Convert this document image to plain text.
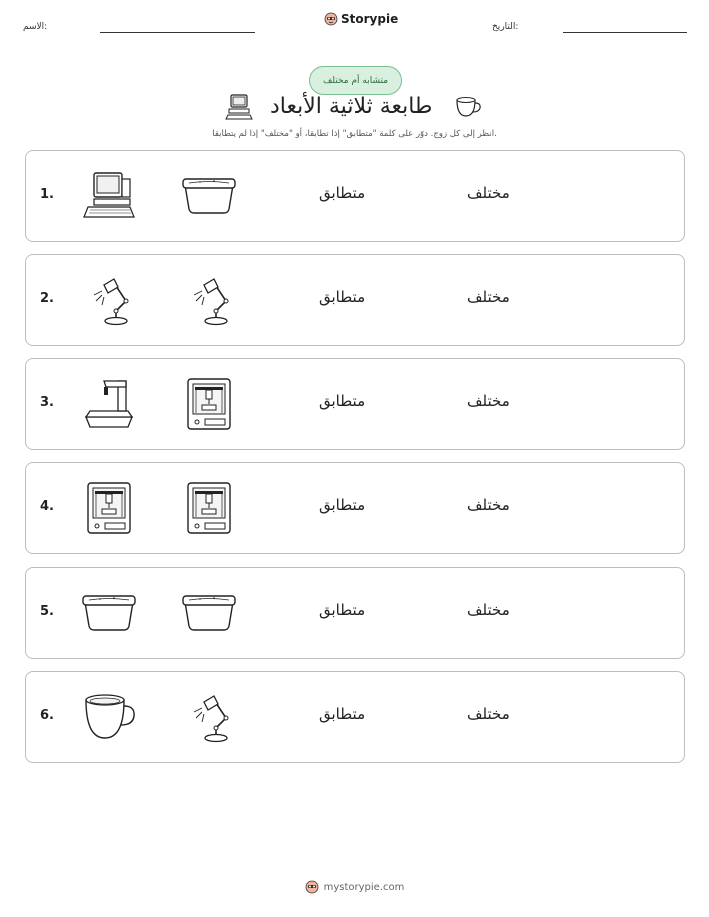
الاسم:
Storypie
التاريخ:
متشابه أم مختلف
طابعة ثلاثية الأبعاد
انظر إلى كل زوج. دوّر على كلمة "متطابق" إذا تطابقا، أو "مختلف" إذا لم يتطابقا.
1.	متطابق	مختلف
2.	متطابق	مختلف
3.	متطابق	مختلف
4.	متطابق	مختلف
5.	متطابق	مختلف
6.	متطابق	مختلف
mystorypie.com
